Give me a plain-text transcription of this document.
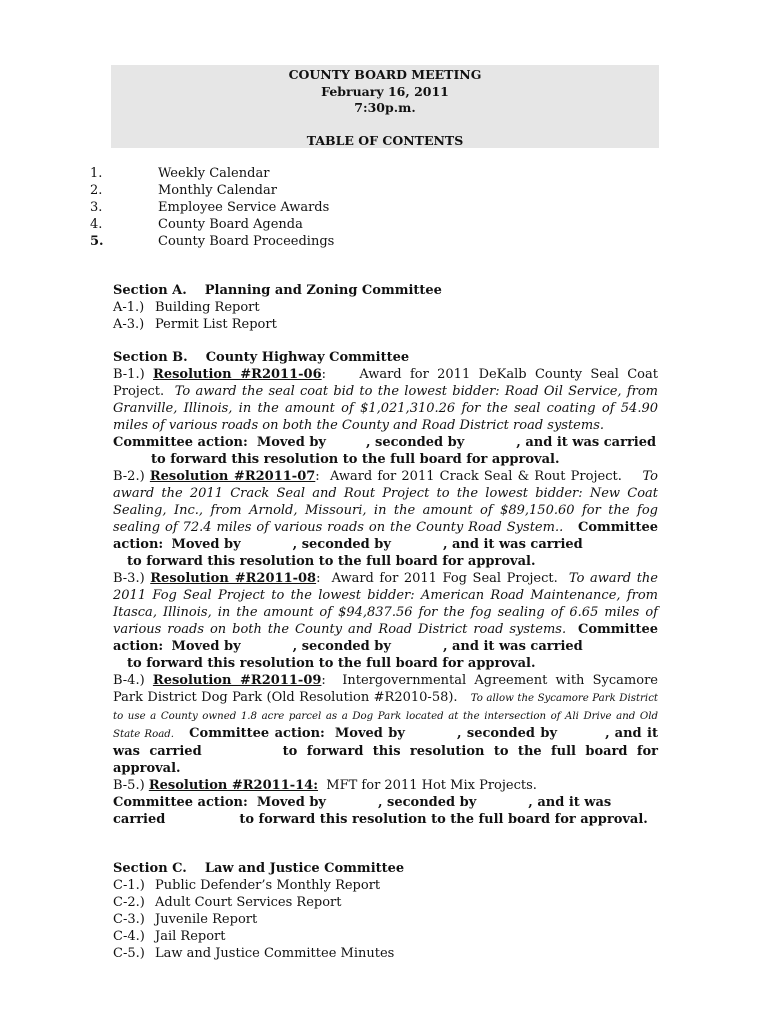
COUNTY BOARD MEETING
February 16, 2011
7:30p.m.
TABLE OF CONTENTS
1.	Weekly Calendar
2.	Monthly Calendar
3.	Employee Service Awards
4.	County Board Agenda
5.	County Board Proceedings
Section A. Planning and Zoning Committee
A-1.) Building Report
A-3.) Permit List Report
Section B. County Highway Committee
B-1.) Resolution #R2011-06:    Award for 2011 DeKalb County Seal Coat Project. To award the seal coat bid to the lowest bidder: Road Oil Service, from Granville, Illinois, in the amount of $1,021,310.26 for the seal coating of 54.90 miles of various roads on both the County and Road District road systems.
Committee action: Moved by	, seconded by	, and it was carried
to forward this resolution to the full board for approval.
B-2.) Resolution #R2011-07:  Award for 2011 Crack Seal & Rout Project. To award the 2011 Crack Seal and Rout Project to the lowest bidder: New Coat Sealing, Inc., from Arnold, Missouri, in the amount of $89,150.60 for the fog sealing of 72.4 miles of various roads on the County Road System.. Committee action: Moved by	, seconded by	, and it was carried
to forward this resolution to the full board for approval.
B-3.) Resolution #R2011-08:  Award for 2011 Fog Seal Project. To award the 2011 Fog Seal Project to the lowest bidder: American Road Maintenance, from Itasca, Illinois, in the amount of $94,837.56 for the fog sealing of 6.65 miles of various roads on both the County and Road District road systems. Committee action: Moved by	, seconded by	, and it was carried
to forward this resolution to the full board for approval.
B-4.) Resolution #R2011-09:  Intergovernmental Agreement with Sycamore Park District Dog Park (Old Resolution #R2010-58). To allow the Sycamore Park District to use a County owned 1.8 acre parcel as a Dog Park located at the intersection of Ali Drive and Old State Road. Committee action: Moved by	, seconded by	, and it was carried	to forward this resolution to the full board for approval.
B-5.) Resolution #R2011-14: MFT for 2011 Hot Mix Projects.
Committee action: Moved by	, seconded by	, and it was
carried	to forward this resolution to the full board for approval.
Section C. Law and Justice Committee
C-1.) Public Defender’s Monthly Report
C-2.) Adult Court Services Report
C-3.) Juvenile Report
C-4.) Jail Report
C-5.) Law and Justice Committee Minutes
